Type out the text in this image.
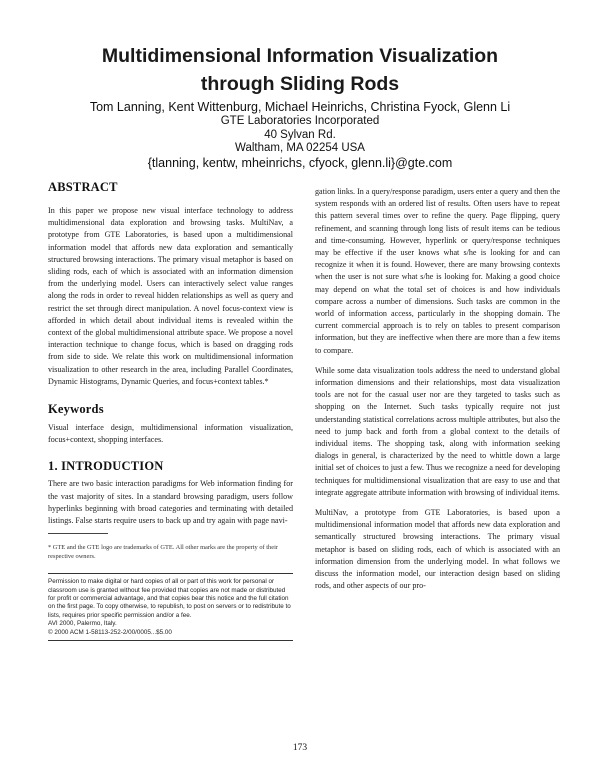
Multidimensional Information Visualization
through Sliding Rods
Tom Lanning, Kent Wittenburg, Michael Heinrichs, Christina Fyock, Glenn Li
GTE Laboratories Incorporated
40 Sylvan Rd.
Waltham, MA 02254 USA
{tlanning, kentw, mheinrichs, cfyock, glenn.li}@gte.com
ABSTRACT

In this paper we propose new visual interface technology to address multidimensional data exploration and browsing tasks. MultiNav, a prototype from GTE Laboratories, is based upon a multidimensional information model that affords new data exploration and semantically structured browsing interactions. The primary visual metaphor is based on sliding rods, each of which is associated with an information dimension from the underlying model. Users can interactively select value ranges along the rods in order to reveal hidden relationships as well as query and restrict the set through direct manipulation. A novel focus-context view is afforded in which detail about individual items is revealed within the context of the global multidimensional attribute space. We propose a novel interaction technique to change focus, which is based on dragging rods from side to side. We relate this work on multidimensional information visualization to other research in the area, including Parallel Coordinates, Dynamic Histograms, Dynamic Queries, and focus+context tables.*

Keywords

Visual interface design, multidimensional information visualization, focus+context, shopping interfaces.

1. INTRODUCTION

There are two basic interaction paradigms for Web information finding for the vast majority of sites. In a standard browsing paradigm, users follow hyperlinks beginning with broad categories and terminating with detailed listings. False starts require users to back up and try again with page navi-

* GTE and the GTE logo are trademarks of GTE. All other marks are the property of their respective owners.

Permission to make digital or hard copies of all or part of this work for personal or classroom use is granted without fee provided that copies are not made or distributed for profit or commercial advantage, and that copies bear this notice and the full citation on the first page. To copy otherwise, to republish, to post on servers or to redistribute to lists, requires prior specific permission and/or a fee.

AVI 2000, Palermo, Italy.

© 2000 ACM 1-58113-252-2/00/0005...$5.00

gation links. In a query/response paradigm, users enter a query and then the system responds with an ordered list of results. Often users have to repeat this pattern several times over to refine the query. Page flipping, query refinement, and scanning through long lists of result items can be tedious and time-consuming. However, hyperlink or query/response techniques may be effective if the user knows what s/he is looking for and can recognize it when it is found. However, there are many browsing contexts when the user is not sure what s/he is looking for. Making a good choice may depend on what the total set of choices is and how individuals compare across a number of dimensions. Such tasks are common in the world of information access, particularly in the shopping domain. The current commercial approach is to rely on tables to present comparison information, but they are ineffective when there are more than a few items to compare.

While some data visualization tools address the need to understand global information dimensions and their relationships, most data visualization tools are not for the casual user nor are they targeted to tasks such as shopping on the Internet. Such tasks typically require not just understanding statistical correlations across multiple attributes, but also the need to jump back and forth from a global context to the details of individual items. The shopping task, along with information seeking dialogs in general, is characterized by the need to whittle down a large initial set of choices to just a few. Thus we recognize a need for developing techniques for multidimensional visualization that are easy to use and that integrate aggregate attribute information with browsing of individual items.

MultiNav, a prototype from GTE Laboratories, is based upon a multidimensional information model that affords new data exploration and semantically structured browsing interactions. The primary visual metaphor is based on sliding rods, each of which is associated with an information dimension from the underlying model. In what follows we discuss the information model, our interaction design based on sliding rods, and other aspects of our pro-

173
